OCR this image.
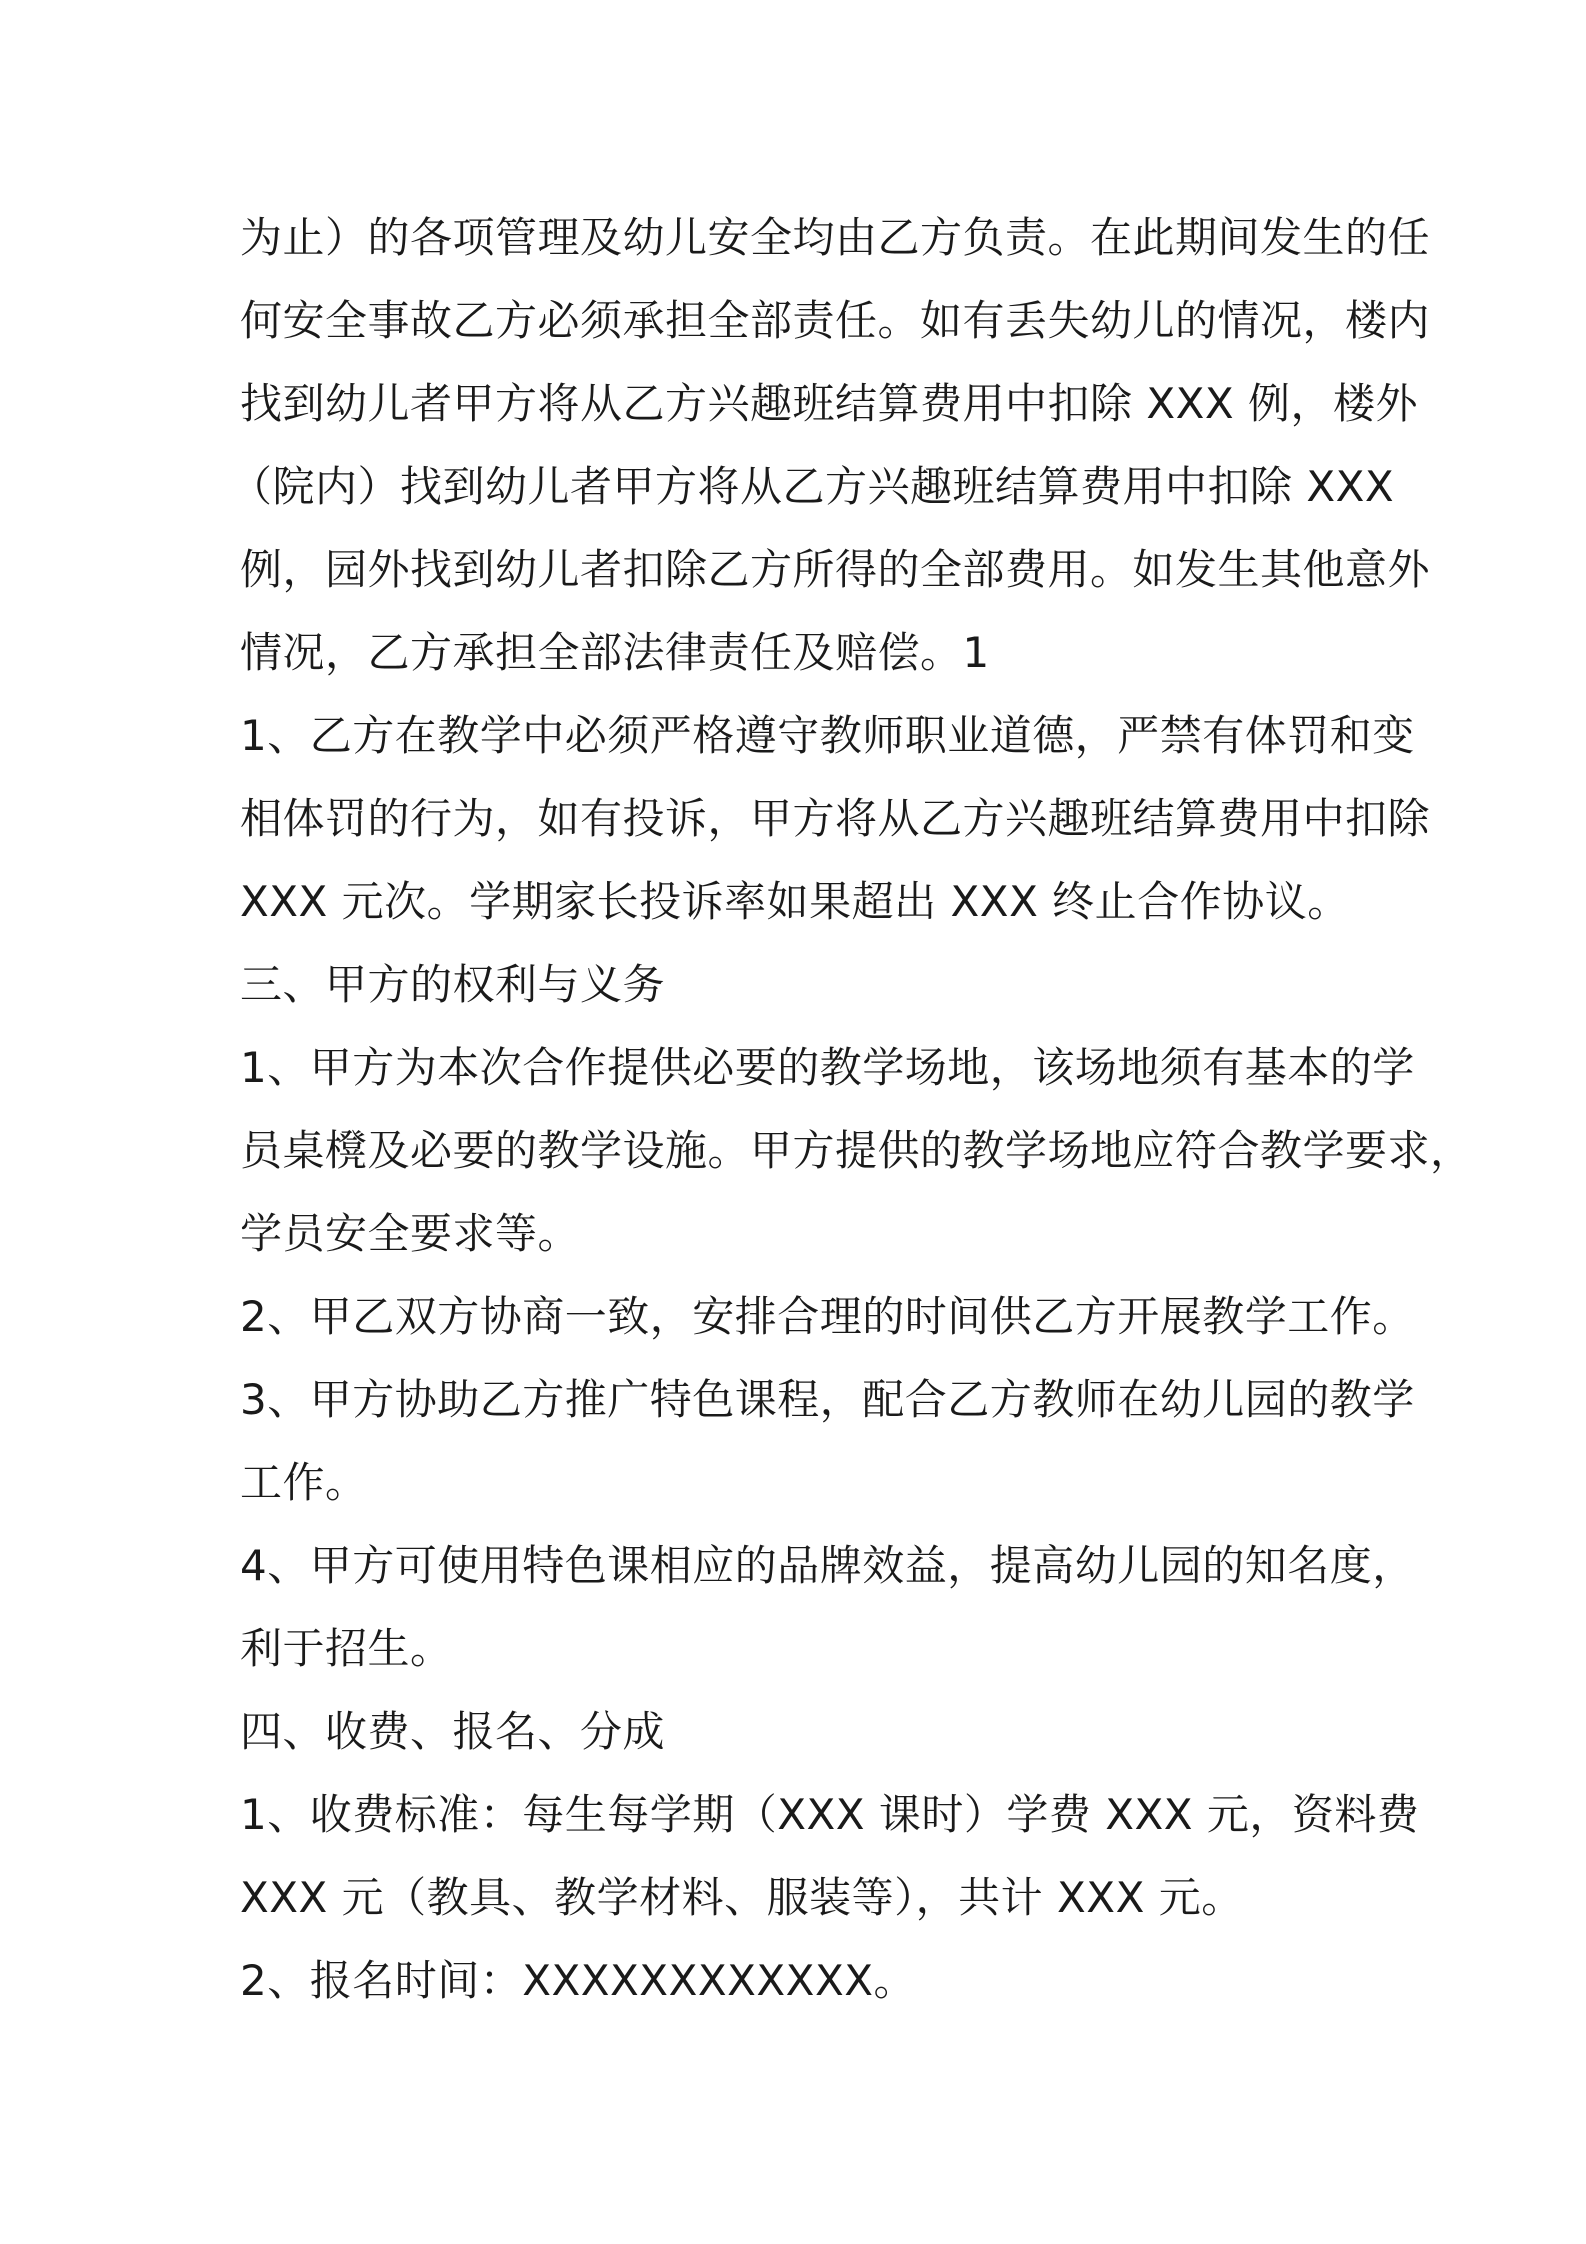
为止）的各项管理及幼儿安全均由乙方负责。在此期间发生的任
何安全事故乙方必须承担全部责任。如有丢失幼儿的情况，楼内
找到幼儿者甲方将从乙方兴趣班结算费用中扣除 XXX 例，楼外
（院内）找到幼儿者甲方将从乙方兴趣班结算费用中扣除 XXX
例，园外找到幼儿者扣除乙方所得的全部费用。如发生其他意外
情况，乙方承担全部法律责任及赔偿。1
1、乙方在教学中必须严格遵守教师职业道德，严禁有体罚和变
相体罚的行为，如有投诉，甲方将从乙方兴趣班结算费用中扣除
XXX 元次。学期家长投诉率如果超出 XXX 终止合作协议。
三、甲方的权利与义务
1、甲方为本次合作提供必要的教学场地，该场地须有基本的学
员桌櫈及必要的教学设施。甲方提供的教学场地应符合教学要求，
学员安全要求等。
2、甲乙双方协商一致，安排合理的时间供乙方开展教学工作。
3、甲方协助乙方推广特色课程，配合乙方教师在幼儿园的教学
工作。
4、甲方可使用特色课相应的品牌效益，提高幼儿园的知名度，
利于招生。
四、收费、报名、分成
1、收费标准：每生每学期（XXX 课时）学费 XXX 元，资料费
XXX 元（教具、教学材料、服装等），共计 XXX 元。
2、报名时间：XXXXXXXXXXXX。
